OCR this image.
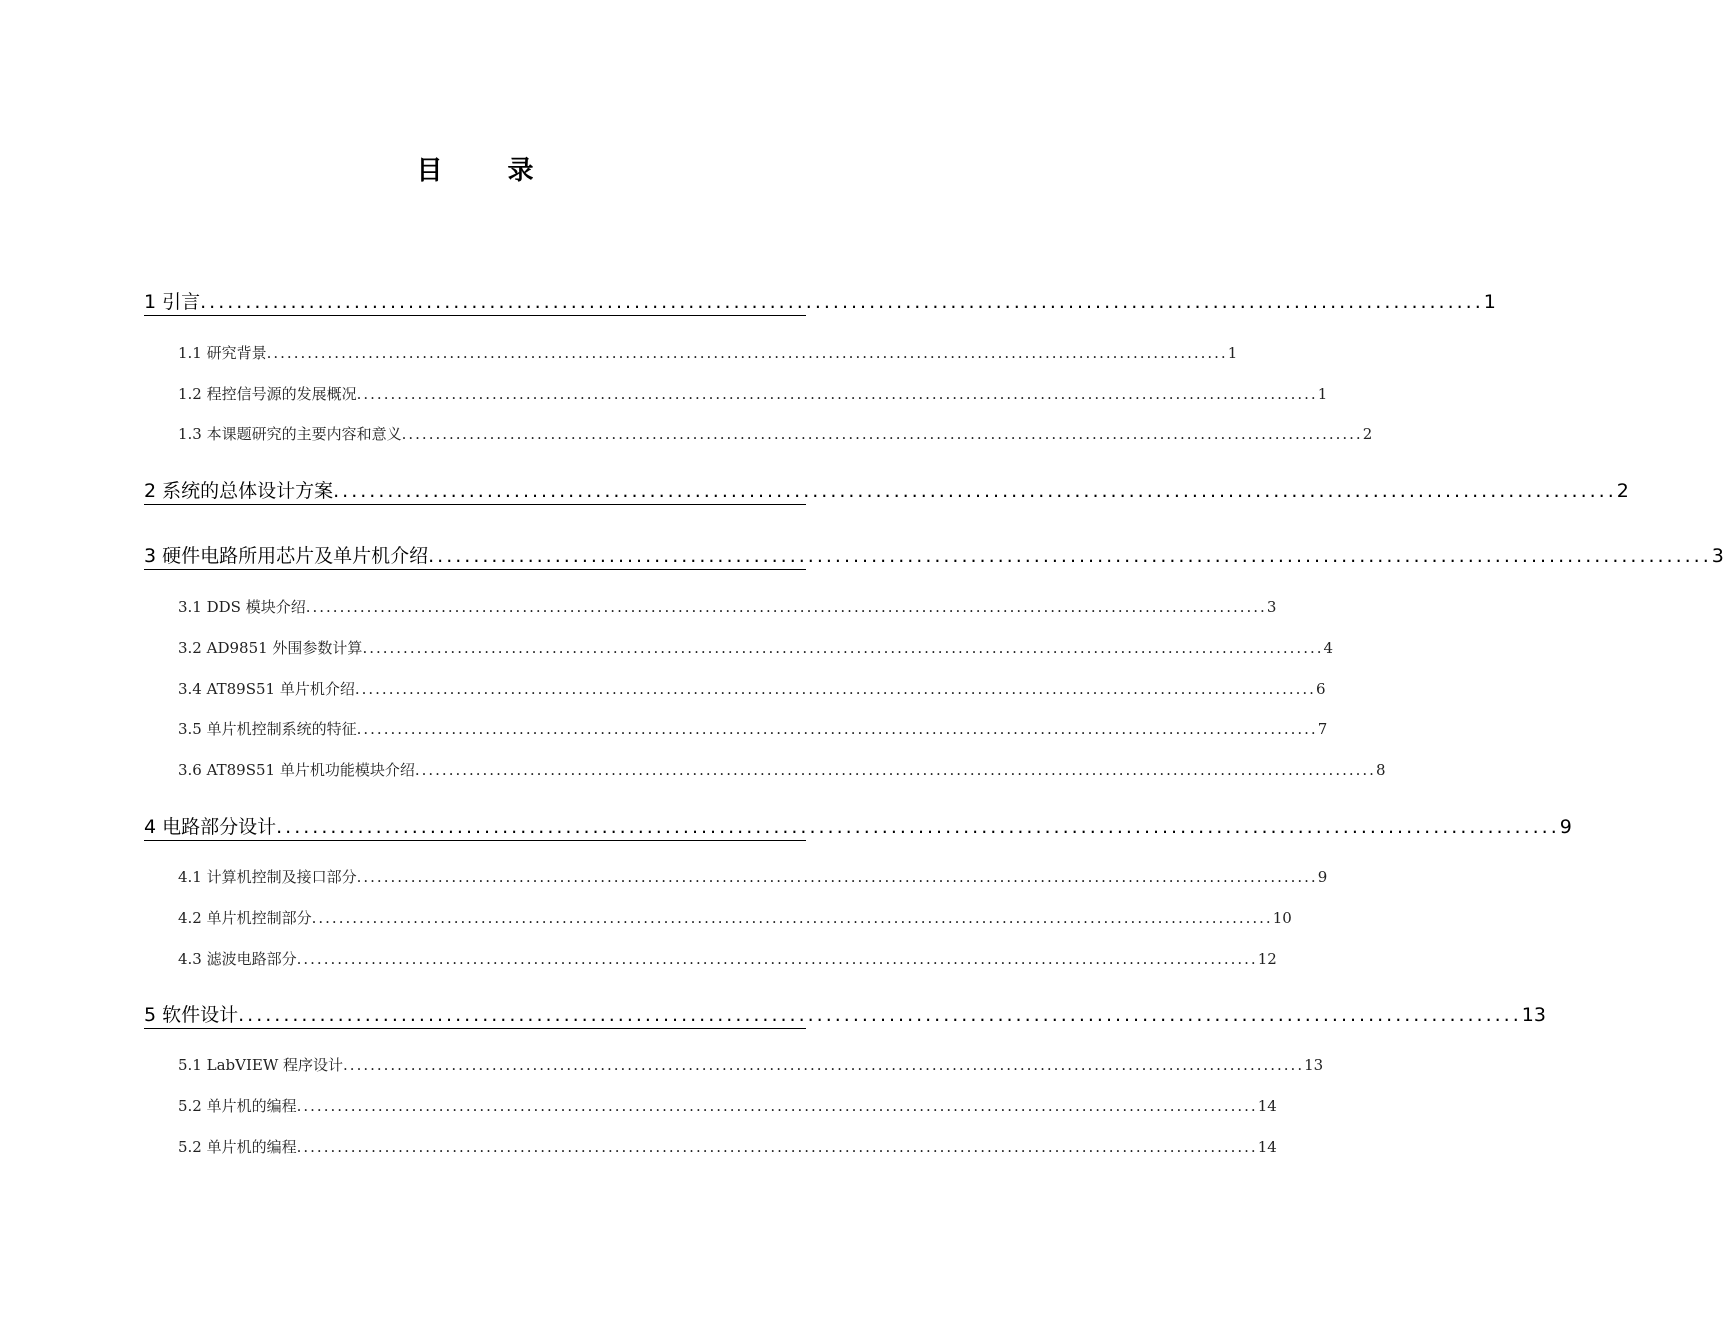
目 录
1 引言 .............................................................................................................................................. 1
1.1 研究背景 .............................................................................................................................................. 1
1.2 程控信号源的发展概况 .............................................................................................................................................. 1
1.3 本课题研究的主要内容和意义 .............................................................................................................................................. 2
2 系统的总体设计方案 .............................................................................................................................................. 2
3 硬件电路所用芯片及单片机介绍 .............................................................................................................................................. 3
3.1 DDS 模块介绍 .............................................................................................................................................. 3
3.2 AD9851 外围参数计算 .............................................................................................................................................. 4
3.4 AT89S51 单片机介绍 .............................................................................................................................................. 6
3.5 单片机控制系统的特征 .............................................................................................................................................. 7
3.6 AT89S51 单片机功能模块介绍 .............................................................................................................................................. 8
4 电路部分设计 .............................................................................................................................................. 9
4.1 计算机控制及接口部分 .............................................................................................................................................. 9
4.2 单片机控制部分 .............................................................................................................................................. 10
4.3 滤波电路部分 .............................................................................................................................................. 12
5 软件设计 .............................................................................................................................................. 13
5.1 LabVIEW 程序设计 .............................................................................................................................................. 13
5.2 单片机的编程 .............................................................................................................................................. 14
5.2 单片机的编程 .............................................................................................................................................. 14
